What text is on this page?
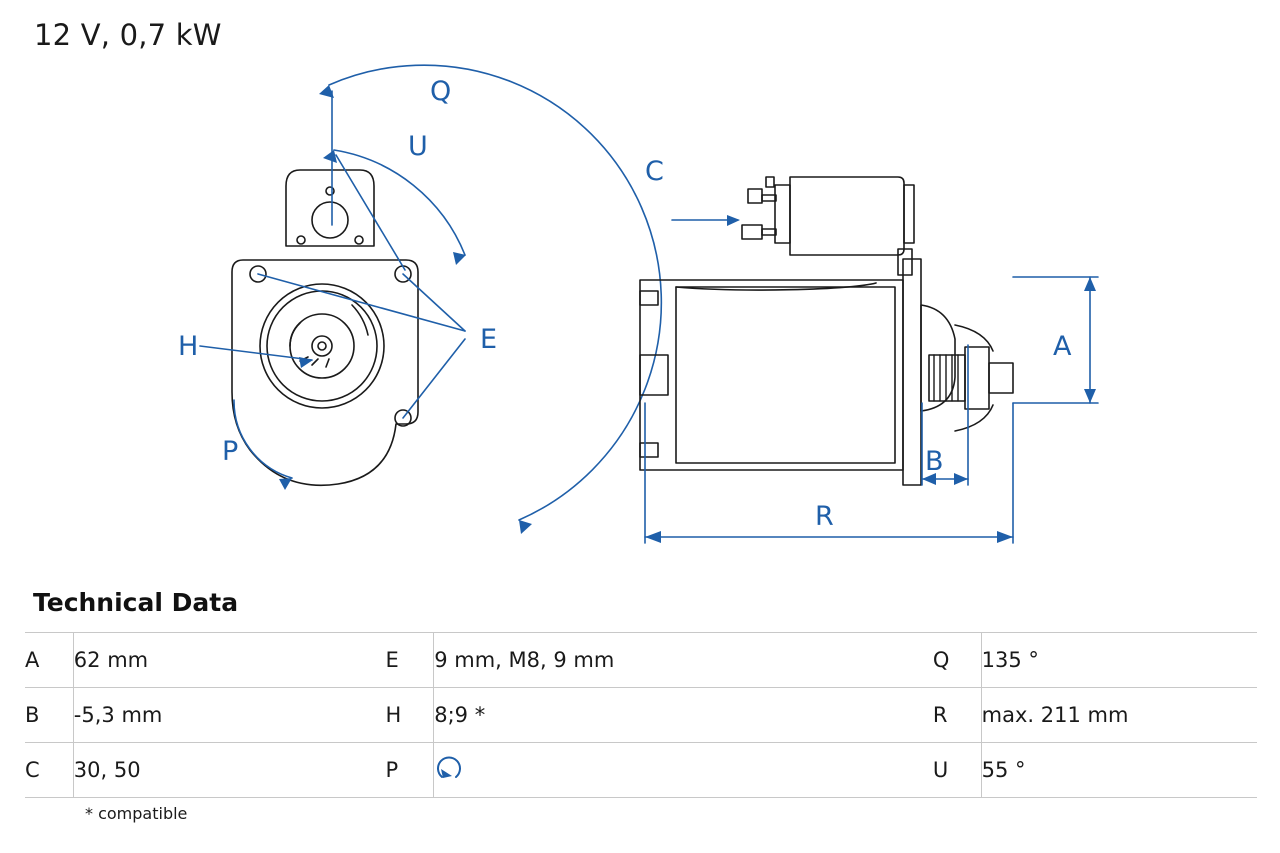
12 V, 0,7 kW
Q
U
E
H
P
C
A
B
R
Technical Data
A	62 mm	E	9 mm, M8, 9 mm	Q	135 °
B	-5,3 mm	H	8;9 *	R	max. 211 mm
C	30, 50	P		U	55 °
* compatible
